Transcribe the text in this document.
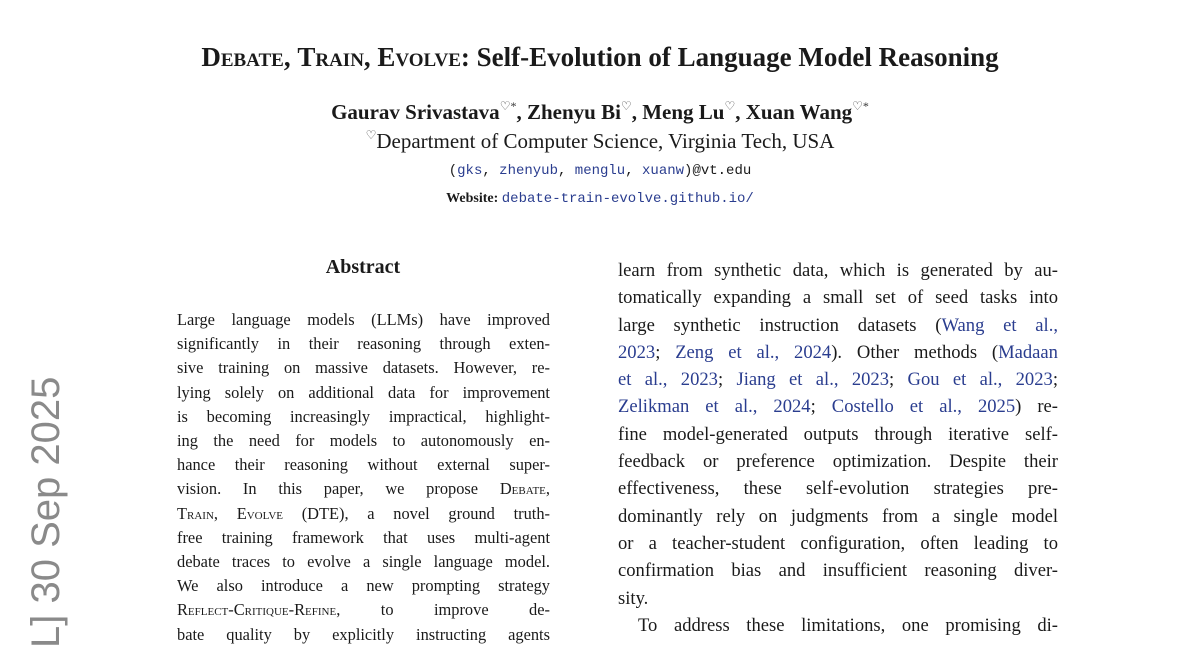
L] 30 Sep 2025
Debate, Train, Evolve: Self-Evolution of Language Model Reasoning
Gaurav Srivastava♡*, Zhenyu Bi♡, Meng Lu♡, Xuan Wang♡*
♡Department of Computer Science, Virginia Tech, USA
(gks, zhenyub, menglu, xuanw)@vt.edu
Website: debate-train-evolve.github.io/
Abstract
Large language models (LLMs) have improved
significantly in their reasoning through exten-
sive training on massive datasets. However, re-
lying solely on additional data for improvement
is becoming increasingly impractical, highlight-
ing the need for models to autonomously en-
hance their reasoning without external super-
vision. In this paper, we propose Debate,
Train, Evolve (DTE), a novel ground truth-
free training framework that uses multi-agent
debate traces to evolve a single language model.
We also introduce a new prompting strategy
Reflect-Critique-Refine, to improve de-
bate quality by explicitly instructing agents
learn from synthetic data, which is generated by au-
tomatically expanding a small set of seed tasks into
large synthetic instruction datasets (Wang et al.,
2023; Zeng et al., 2024). Other methods (Madaan
et al., 2023; Jiang et al., 2023; Gou et al., 2023;
Zelikman et al., 2024; Costello et al., 2025) re-
fine model-generated outputs through iterative self-
feedback or preference optimization. Despite their
effectiveness, these self-evolution strategies pre-
dominantly rely on judgments from a single model
or a teacher-student configuration, often leading to
confirmation bias and insufficient reasoning diver-
sity.
To address these limitations, one promising di-
